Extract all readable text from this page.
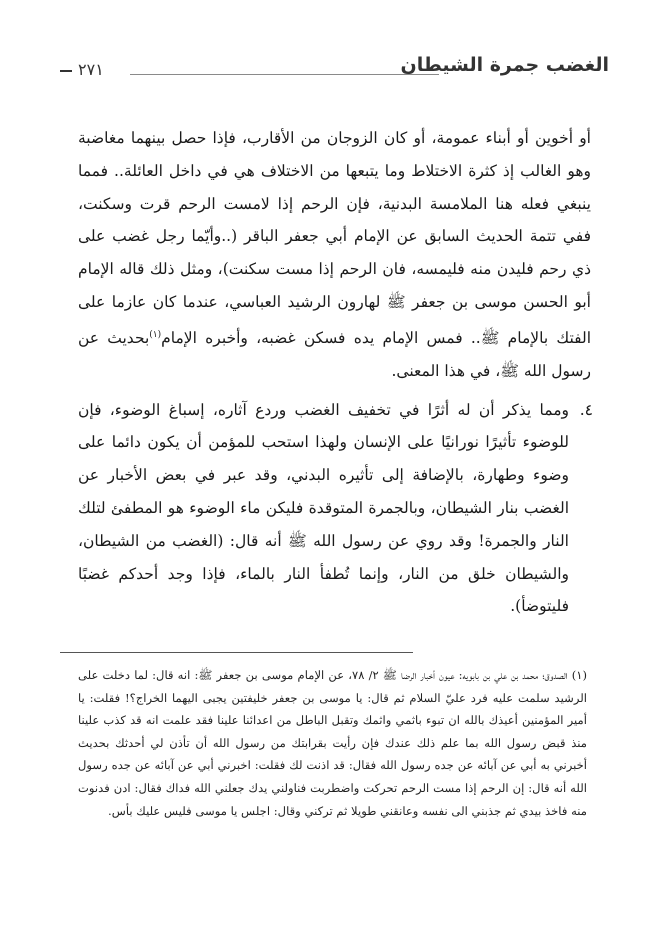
الغضب جمرة الشيطان
٢٧١

أو أخوين أو أبناء عمومة، أو كان الزوجان من الأقارب، فإذا حصل بينهما مغاضبة وهو الغالب إذ كثرة الاختلاط وما يتبعها من الاختلاف هي في داخل العائلة.. فمما ينبغي فعله هنا الملامسة البدنية، فإن الرحم إذا لامست الرحم قرت وسكنت، ففي تتمة الحديث السابق عن الإمام أبي جعفر الباقر (..وأيّما رجل غضب على ذي رحم فليدن منه فليمسه، فان الرحم إذا مست سكنت)، ومثل ذلك قاله الإمام أبو الحسن موسى بن جعفر ﷺ لهارون الرشيد العباسي، عندما كان عازما على الفتك بالإمام ﷺ.. فمس الإمام يده فسكن غضبه، وأخبره الإمام$^{(١)}$بحديث عن رسول الله ﷺ، في هذا المعنى.

٤.
ومما يذكر أن له أثرًا في تخفيف الغضب وردع آثاره، إسباغ الوضوء، فإن للوضوء تأثيرًا نورانيًا على الإنسان ولهذا استحب للمؤمن أن يكون دائما على وضوء وطهارة، بالإضافة إلى تأثيره البدني، وقد عبر في بعض الأخبار عن الغضب بنار الشيطان، وبالجمرة المتوقدة فليكن ماء الوضوء هو المطفئ لتلك النار والجمرة! وقد روي عن رسول الله ﷺ أنه قال: (الغضب من الشيطان، والشيطان خلق من النار، وإنما تُطفأ النار بالماء، فإذا وجد أحدكم غضبًا فليتوضأ).

(١) الصدوق؛ محمد بن علي بن بابويه: عيون أخبار الرضا ﷺ ٢/ ٧٨، عن الإمام موسى بن جعفر ﷺ: انه قال: لما دخلت على الرشيد سلمت عليه فرد عليّ السلام ثم قال: يا موسى بن جعفر خليفتين يجبى اليهما الخراج؟! فقلت: يا أمير المؤمنين أعيذك بالله ان تبوء باثمي واثمك وتقبل الباطل من اعدائنا علينا فقد علمت انه قد كذب علينا منذ قبض رسول الله بما علم ذلك عندك فإن رأيت بقرابتك من رسول الله أن تأذن لي أحدثك بحديث أخبرني به أبي عن آبائه عن جده رسول الله فقال: قد اذنت لك فقلت: اخبرني أبي عن آبائه عن جده رسول الله أنه قال: إن الرحم إذا مست الرحم تحركت واضطربت فناولني يدك جعلني الله فداك فقال: ادن فدنوت منه فاخذ بيدي ثم جذبني الى نفسه وعانقني طويلا ثم تركني وقال: اجلس يا موسى فليس عليك بأس.
